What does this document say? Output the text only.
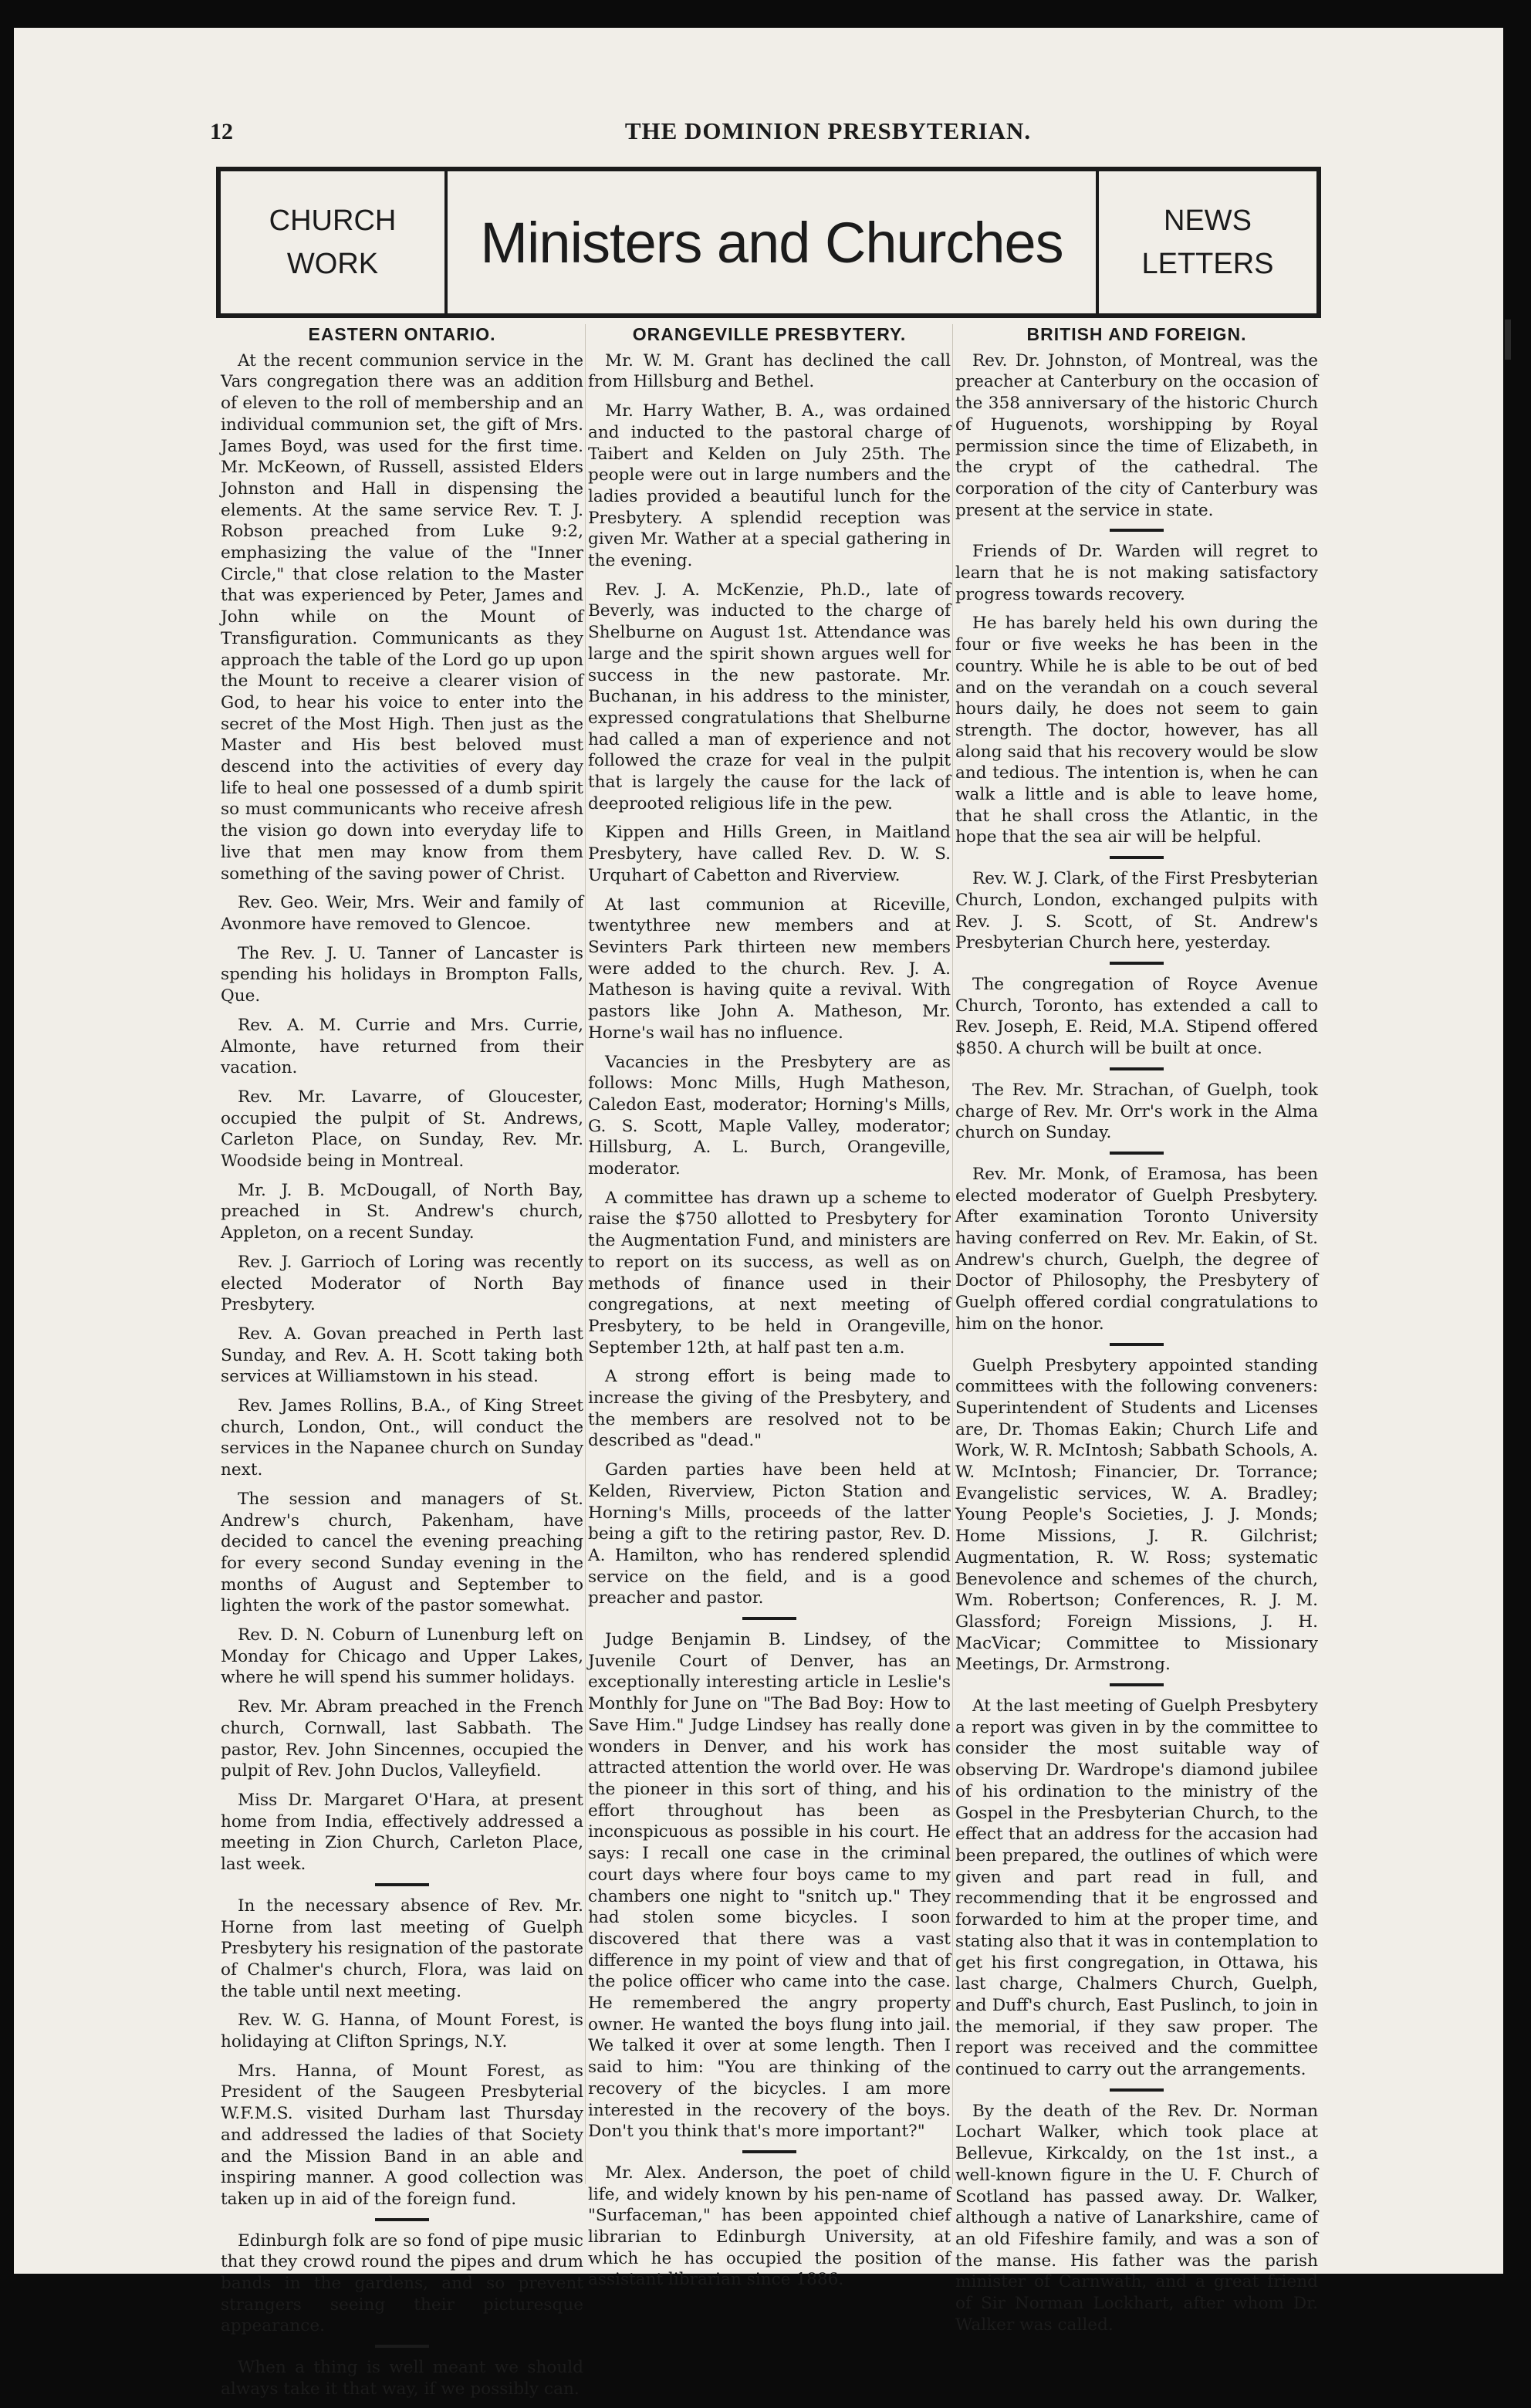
12	THE DOMINION PRESBYTERIAN.
CHURCH
WORK	Ministers and Churches	NEWS
LETTERS
EASTERN ONTARIO.

At the recent communion service in the Vars congregation there was an addition of eleven to the roll of membership and an individual communion set, the gift of Mrs. James Boyd, was used for the first time. Mr. McKeown, of Russell, assisted Elders Johnston and Hall in dispensing the elements. At the same service Rev. T. J. Robson preached from Luke 9:2, emphasizing the value of the "Inner Circle," that close relation to the Master that was experienced by Peter, James and John while on the Mount of Transfiguration. Communicants as they approach the table of the Lord go up upon the Mount to receive a clearer vision of God, to hear his voice to enter into the secret of the Most High. Then just as the Master and His best beloved must descend into the activities of every day life to heal one possessed of a dumb spirit so must communicants who receive afresh the vision go down into everyday life to live that men may know from them something of the saving power of Christ.

Rev. Geo. Weir, Mrs. Weir and family of Avonmore have removed to Glencoe.

The Rev. J. U. Tanner of Lancaster is spending his holidays in Brompton Falls, Que.

Rev. A. M. Currie and Mrs. Currie, Almonte, have returned from their vacation.

Rev. Mr. Lavarre, of Gloucester, occupied the pulpit of St. Andrews, Carleton Place, on Sunday, Rev. Mr. Woodside being in Montreal.

Mr. J. B. McDougall, of North Bay, preached in St. Andrew's church, Appleton, on a recent Sunday.

Rev. J. Garrioch of Loring was recently elected Moderator of North Bay Presbytery.

Rev. A. Govan preached in Perth last Sunday, and Rev. A. H. Scott taking both services at Williamstown in his stead.

Rev. James Rollins, B.A., of King Street church, London, Ont., will conduct the services in the Napanee church on Sunday next.

The session and managers of St. Andrew's church, Pakenham, have decided to cancel the evening preaching for every second Sunday evening in the months of August and September to lighten the work of the pastor somewhat.

Rev. D. N. Coburn of Lunenburg left on Monday for Chicago and Upper Lakes, where he will spend his summer holidays.

Rev. Mr. Abram preached in the French church, Cornwall, last Sabbath. The pastor, Rev. John Sincennes, occupied the pulpit of Rev. John Duclos, Valleyfield.

Miss Dr. Margaret O'Hara, at present home from India, effectively addressed a meeting in Zion Church, Carleton Place, last week.

In the necessary absence of Rev. Mr. Horne from last meeting of Guelph Presbytery his resignation of the pastorate of Chalmer's church, Flora, was laid on the table until next meeting.

Rev. W. G. Hanna, of Mount Forest, is holidaying at Clifton Springs, N.Y.

Mrs. Hanna, of Mount Forest, as President of the Saugeen Presbyterial W.F.M.S. visited Durham last Thursday and addressed the ladies of that Society and the Mission Band in an able and inspiring manner. A good collection was taken up in aid of the foreign fund.

Edinburgh folk are so fond of pipe music that they crowd round the pipes and drum bands in the gardens, and so prevent strangers seeing their picturesque appearance.

When a thing is well meant we should always take it that way, if we possibly can.

ORANGEVILLE PRESBYTERY.

Mr. W. M. Grant has declined the call from Hillsburg and Bethel.

Mr. Harry Wather, B. A., was ordained and inducted to the pastoral charge of Taibert and Kelden on July 25th. The people were out in large numbers and the ladies provided a beautiful lunch for the Presbytery. A splendid reception was given Mr. Wather at a special gathering in the evening.

Rev. J. A. McKenzie, Ph.D., late of Beverly, was inducted to the charge of Shelburne on August 1st. Attendance was large and the spirit shown argues well for success in the new pastorate. Mr. Buchanan, in his address to the minister, expressed congratulations that Shelburne had called a man of experience and not followed the craze for veal in the pulpit that is largely the cause for the lack of deeprooted religious life in the pew.

Kippen and Hills Green, in Maitland Presbytery, have called Rev. D. W. S. Urquhart of Cabetton and Riverview.

At last communion at Riceville, twentythree new members and at Sevinters Park thirteen new members were added to the church. Rev. J. A. Matheson is having quite a revival. With pastors like John A. Matheson, Mr. Horne's wail has no influence.

Vacancies in the Presbytery are as follows: Monc Mills, Hugh Matheson, Caledon East, moderator; Horning's Mills, G. S. Scott, Maple Valley, moderator; Hillsburg, A. L. Burch, Orangeville, moderator.

A committee has drawn up a scheme to raise the $750 allotted to Presbytery for the Augmentation Fund, and ministers are to report on its success, as well as on methods of finance used in their congregations, at next meeting of Presbytery, to be held in Orangeville, September 12th, at half past ten a.m.

A strong effort is being made to increase the giving of the Presbytery, and the members are resolved not to be described as "dead."

Garden parties have been held at Kelden, Riverview, Picton Station and Horning's Mills, proceeds of the latter being a gift to the retiring pastor, Rev. D. A. Hamilton, who has rendered splendid service on the field, and is a good preacher and pastor.

Judge Benjamin B. Lindsey, of the Juvenile Court of Denver, has an exceptionally interesting article in Leslie's Monthly for June on "The Bad Boy: How to Save Him." Judge Lindsey has really done wonders in Denver, and his work has attracted attention the world over. He was the pioneer in this sort of thing, and his effort throughout has been as inconspicuous as possible in his court. He says: I recall one case in the criminal court days where four boys came to my chambers one night to "snitch up." They had stolen some bicycles. I soon discovered that there was a vast difference in my point of view and that of the police officer who came into the case. He remembered the angry property owner. He wanted the boys flung into jail. We talked it over at some length. Then I said to him: "You are thinking of the recovery of the bicycles. I am more interested in the recovery of the boys. Don't you think that's more important?"

Mr. Alex. Anderson, the poet of child life, and widely known by his pen-name of "Surfaceman," has been appointed chief librarian to Edinburgh University, at which he has occupied the position of assistant librarian since 1886.

BRITISH AND FOREIGN.

Rev. Dr. Johnston, of Montreal, was the preacher at Canterbury on the occasion of the 358 anniversary of the historic Church of Huguenots, worshipping by Royal permission since the time of Elizabeth, in the crypt of the cathedral. The corporation of the city of Canterbury was present at the service in state.

Friends of Dr. Warden will regret to learn that he is not making satisfactory progress towards recovery.

He has barely held his own during the four or five weeks he has been in the country. While he is able to be out of bed and on the verandah on a couch several hours daily, he does not seem to gain strength. The doctor, however, has all along said that his recovery would be slow and tedious. The intention is, when he can walk a little and is able to leave home, that he shall cross the Atlantic, in the hope that the sea air will be helpful.

Rev. W. J. Clark, of the First Presbyterian Church, London, exchanged pulpits with Rev. J. S. Scott, of St. Andrew's Presbyterian Church here, yesterday.

The congregation of Royce Avenue Church, Toronto, has extended a call to Rev. Joseph, E. Reid, M.A. Stipend offered $850. A church will be built at once.

The Rev. Mr. Strachan, of Guelph, took charge of Rev. Mr. Orr's work in the Alma church on Sunday.

Rev. Mr. Monk, of Eramosa, has been elected moderator of Guelph Presbytery. After examination Toronto University having conferred on Rev. Mr. Eakin, of St. Andrew's church, Guelph, the degree of Doctor of Philosophy, the Presbytery of Guelph offered cordial congratulations to him on the honor.

Guelph Presbytery appointed standing committees with the following conveners: Superintendent of Students and Licenses are, Dr. Thomas Eakin; Church Life and Work, W. R. McIntosh; Sabbath Schools, A. W. McIntosh; Financier, Dr. Torrance; Evangelistic services, W. A. Bradley; Young People's Societies, J. J. Monds; Home Missions, J. R. Gilchrist; Augmentation, R. W. Ross; systematic Benevolence and schemes of the church, Wm. Robertson; Conferences, R. J. M. Glassford; Foreign Missions, J. H. MacVicar; Committee to Missionary Meetings, Dr. Armstrong.

At the last meeting of Guelph Presbytery a report was given in by the committee to consider the most suitable way of observing Dr. Wardrope's diamond jubilee of his ordination to the ministry of the Gospel in the Presbyterian Church, to the effect that an address for the accasion had been prepared, the outlines of which were given and part read in full, and recommending that it be engrossed and forwarded to him at the proper time, and stating also that it was in contemplation to get his first congregation, in Ottawa, his last charge, Chalmers Church, Guelph, and Duff's church, East Puslinch, to join in the memorial, if they saw proper. The report was received and the committee continued to carry out the arrangements.

By the death of the Rev. Dr. Norman Lochart Walker, which took place at Bellevue, Kirkcaldy, on the 1st inst., a well-known figure in the U. F. Church of Scotland has passed away. Dr. Walker, although a native of Lanarkshire, came of an old Fifeshire family, and was a son of the manse. His father was the parish minister of Carnwath, and a great friend of Sir Norman Lockhart, after whom Dr. Walker was called.
